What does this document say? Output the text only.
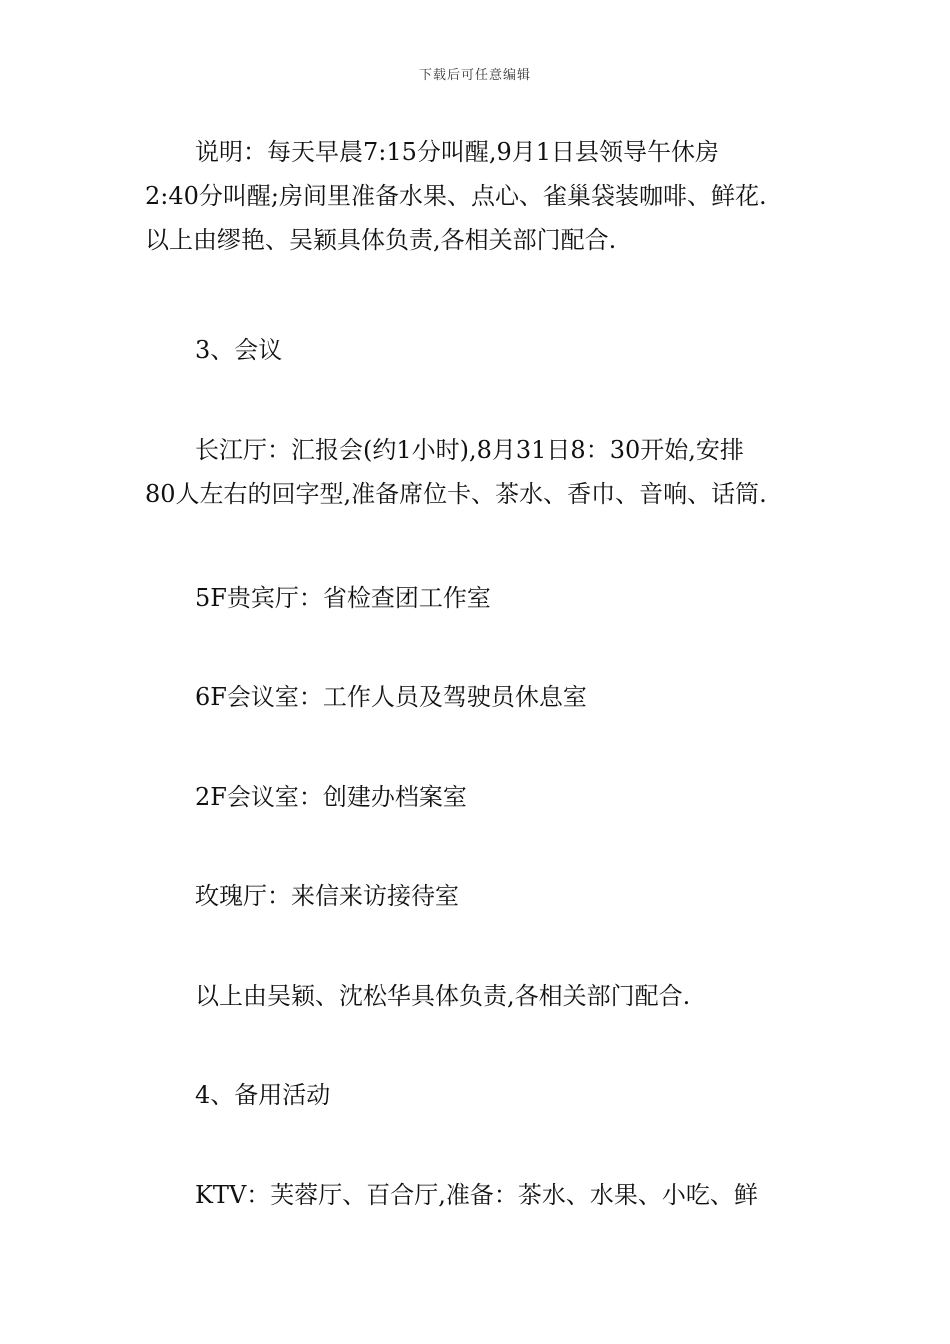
下载后可任意编辑
说明：每天早晨7:15分叫醒,9月1日县领导午休房
2:40分叫醒;房间里准备水果、点心、雀巢袋装咖啡、鲜花.
以上由缪艳、吴颖具体负责,各相关部门配合.
3、会议
长江厅：汇报会(约1小时),8月31日8：30开始,安排
80人左右的回字型,准备席位卡、茶水、香巾、音响、话筒.
5F贵宾厅：省检查团工作室
6F会议室：工作人员及驾驶员休息室
2F会议室：创建办档案室
玫瑰厅：来信来访接待室
以上由吴颖、沈松华具体负责,各相关部门配合.
4、备用活动
KTV：芙蓉厅、百合厅,准备：茶水、水果、小吃、鲜
